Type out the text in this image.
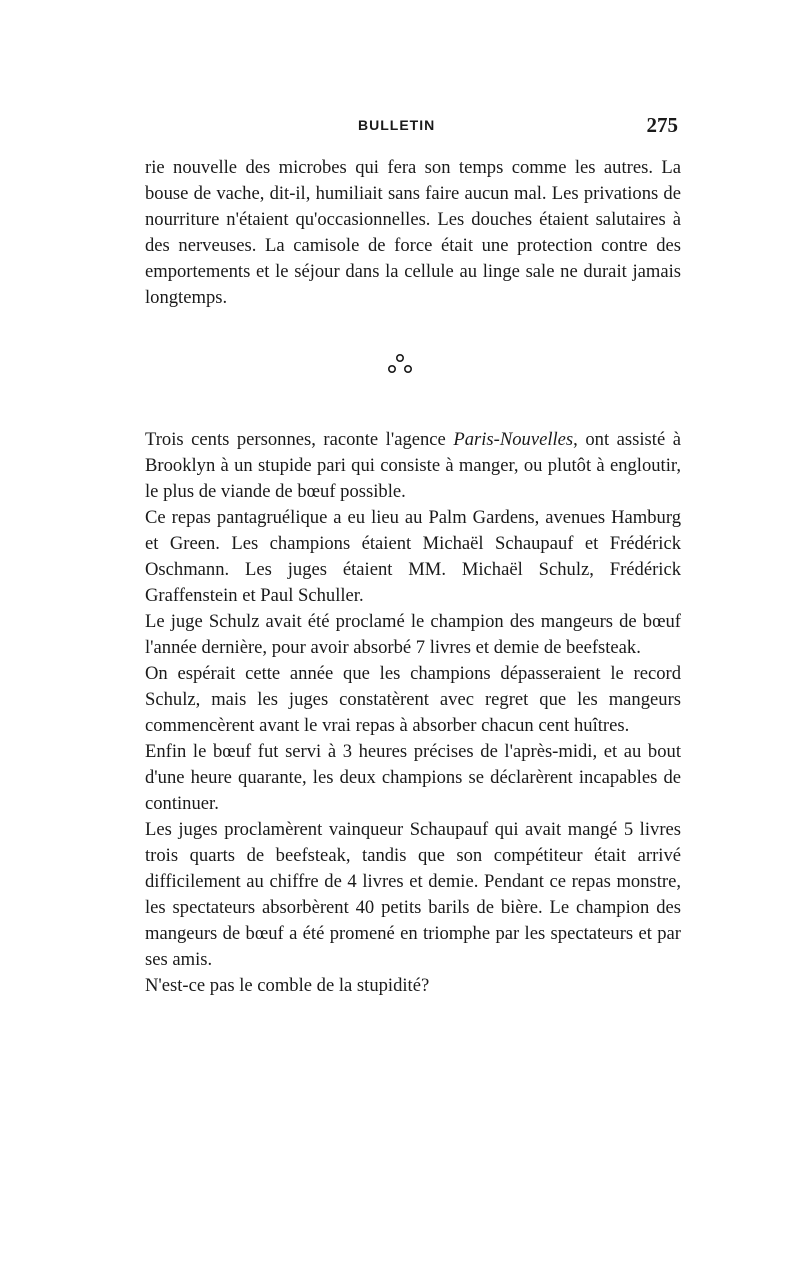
BULLETIN	275

rie nouvelle des microbes qui fera son temps comme les autres. La bouse de vache, dit-il, humiliait sans faire aucun mal. Les privations de nourriture n'étaient qu'occasionnelles. Les douches étaient salutaires à des nerveuses. La camisole de force était une protection contre des emportements et le séjour dans la cellule au linge sale ne durait jamais longtemps.

Trois cents personnes, raconte l'agence Paris-Nouvelles, ont assisté à Brooklyn à un stupide pari qui consiste à manger, ou plutôt à engloutir, le plus de viande de bœuf possible.

Ce repas pantagruélique a eu lieu au Palm Gardens, avenues Hamburg et Green. Les champions étaient Michaël Schaupauf et Frédérick Oschmann. Les juges étaient MM. Michaël Schulz, Frédérick Graffenstein et Paul Schuller.

Le juge Schulz avait été proclamé le champion des mangeurs de bœuf l'année dernière, pour avoir absorbé 7 livres et demie de beefsteak.

On espérait cette année que les champions dépasseraient le record Schulz, mais les juges constatèrent avec regret que les mangeurs commencèrent avant le vrai repas à absorber chacun cent huîtres.

Enfin le bœuf fut servi à 3 heures précises de l'après-midi, et au bout d'une heure quarante, les deux champions se déclarèrent incapables de continuer.

Les juges proclamèrent vainqueur Schaupauf qui avait mangé 5 livres trois quarts de beefsteak, tandis que son compétiteur était arrivé difficilement au chiffre de 4 livres et demie. Pendant ce repas monstre, les spectateurs absorbèrent 40 petits barils de bière. Le champion des mangeurs de bœuf a été promené en triomphe par les spectateurs et par ses amis.

N'est-ce pas le comble de la stupidité?
